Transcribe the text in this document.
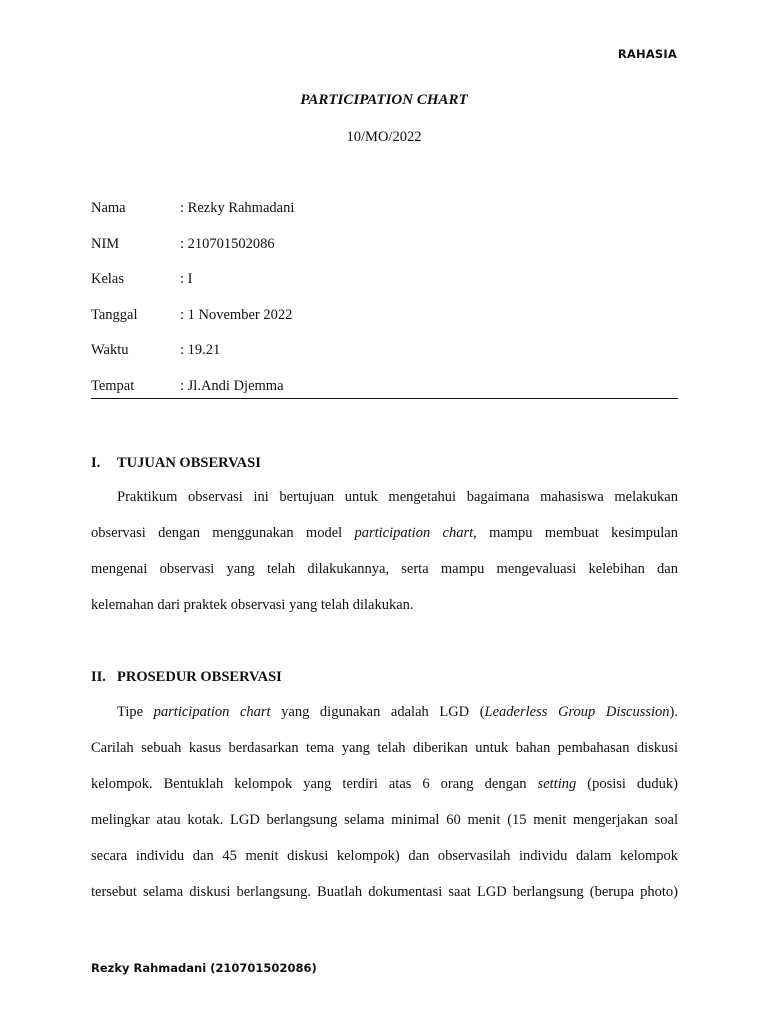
RAHASIA
PARTICIPATION CHART
10/MO/2022
Nama	: Rezky Rahmadani
NIM	: 210701502086
Kelas	: I
Tanggal	: 1 November 2022
Waktu	: 19.21
Tempat	: Jl.Andi Djemma
I. TUJUAN OBSERVASI
Praktikum observasi ini bertujuan untuk mengetahui bagaimana mahasiswa melakukan
observasi dengan menggunakan model participation chart, mampu membuat kesimpulan
mengenai observasi yang telah dilakukannya, serta mampu mengevaluasi kelebihan dan
kelemahan dari praktek observasi yang telah dilakukan.
II. PROSEDUR OBSERVASI
Tipe participation chart yang digunakan adalah LGD (Leaderless Group Discussion).
Carilah sebuah kasus berdasarkan tema yang telah diberikan untuk bahan pembahasan diskusi
kelompok. Bentuklah kelompok yang terdiri atas 6 orang dengan setting (posisi duduk)
melingkar atau kotak. LGD berlangsung selama minimal 60 menit (15 menit mengerjakan soal
secara individu dan 45 menit diskusi kelompok) dan observasilah individu dalam kelompok
tersebut selama diskusi berlangsung. Buatlah dokumentasi saat LGD berlangsung (berupa photo)
Rezky Rahmadani (210701502086)
